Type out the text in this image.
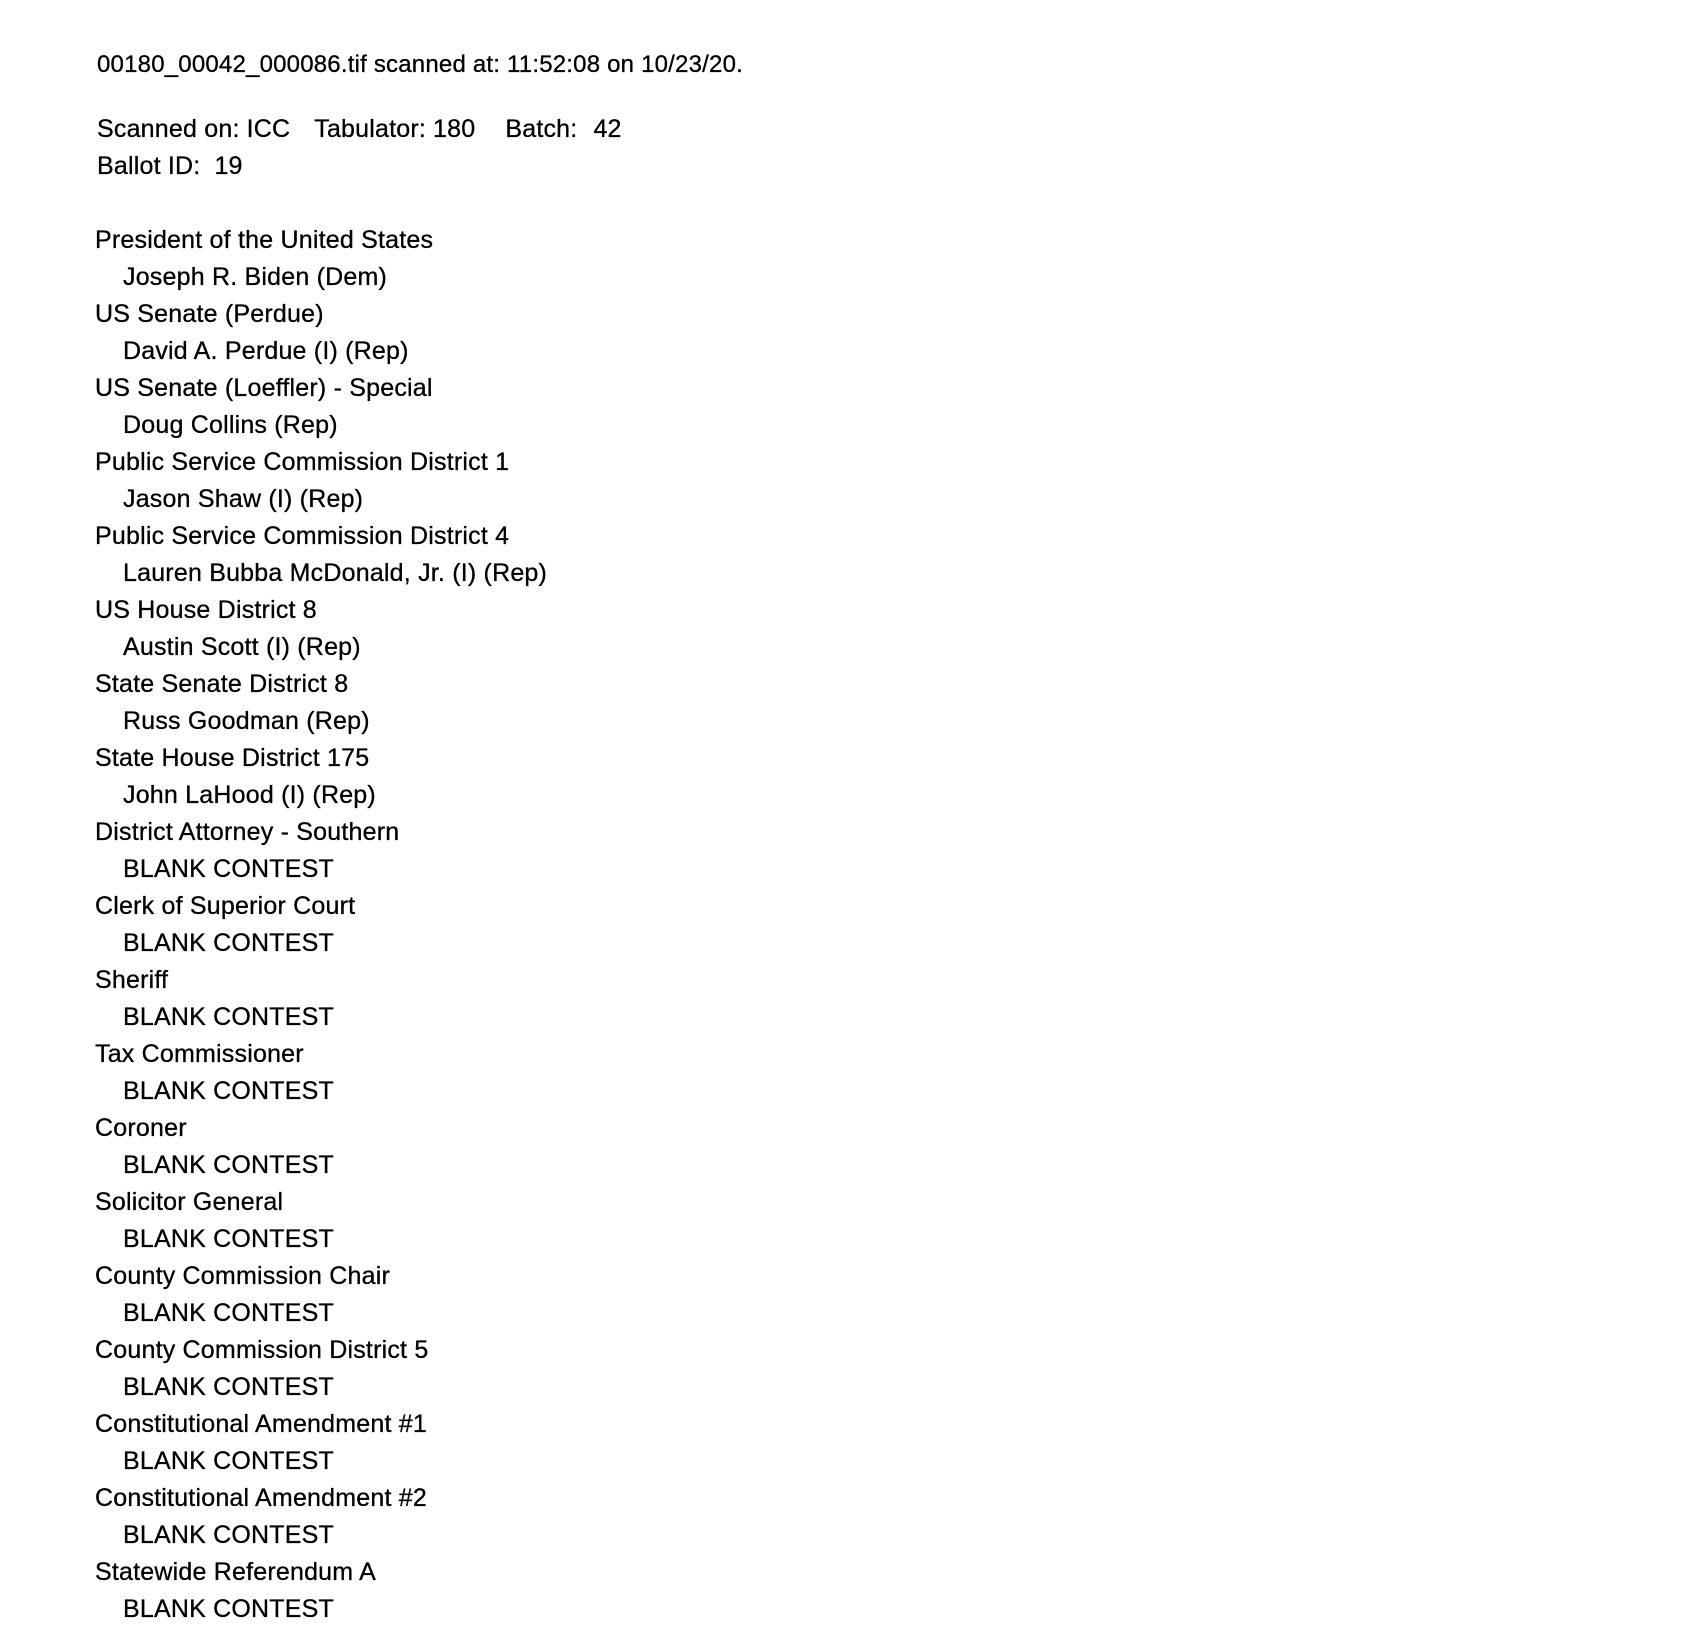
00180_00042_000086.tif scanned at: 11:52:08 on 10/23/20.
Scanned on: ICC Tabulator: 180 Batch: 42
Ballot ID: 19
President of the United States
Joseph R. Biden (Dem)
US Senate (Perdue)
David A. Perdue (I) (Rep)
US Senate (Loeffler) - Special
Doug Collins (Rep)
Public Service Commission District 1
Jason Shaw (I) (Rep)
Public Service Commission District 4
Lauren Bubba McDonald, Jr. (I) (Rep)
US House District 8
Austin Scott (I) (Rep)
State Senate District 8
Russ Goodman (Rep)
State House District 175
John LaHood (I) (Rep)
District Attorney - Southern
BLANK CONTEST
Clerk of Superior Court
BLANK CONTEST
Sheriff
BLANK CONTEST
Tax Commissioner
BLANK CONTEST
Coroner
BLANK CONTEST
Solicitor General
BLANK CONTEST
County Commission Chair
BLANK CONTEST
County Commission District 5
BLANK CONTEST
Constitutional Amendment #1
BLANK CONTEST
Constitutional Amendment #2
BLANK CONTEST
Statewide Referendum A
BLANK CONTEST
